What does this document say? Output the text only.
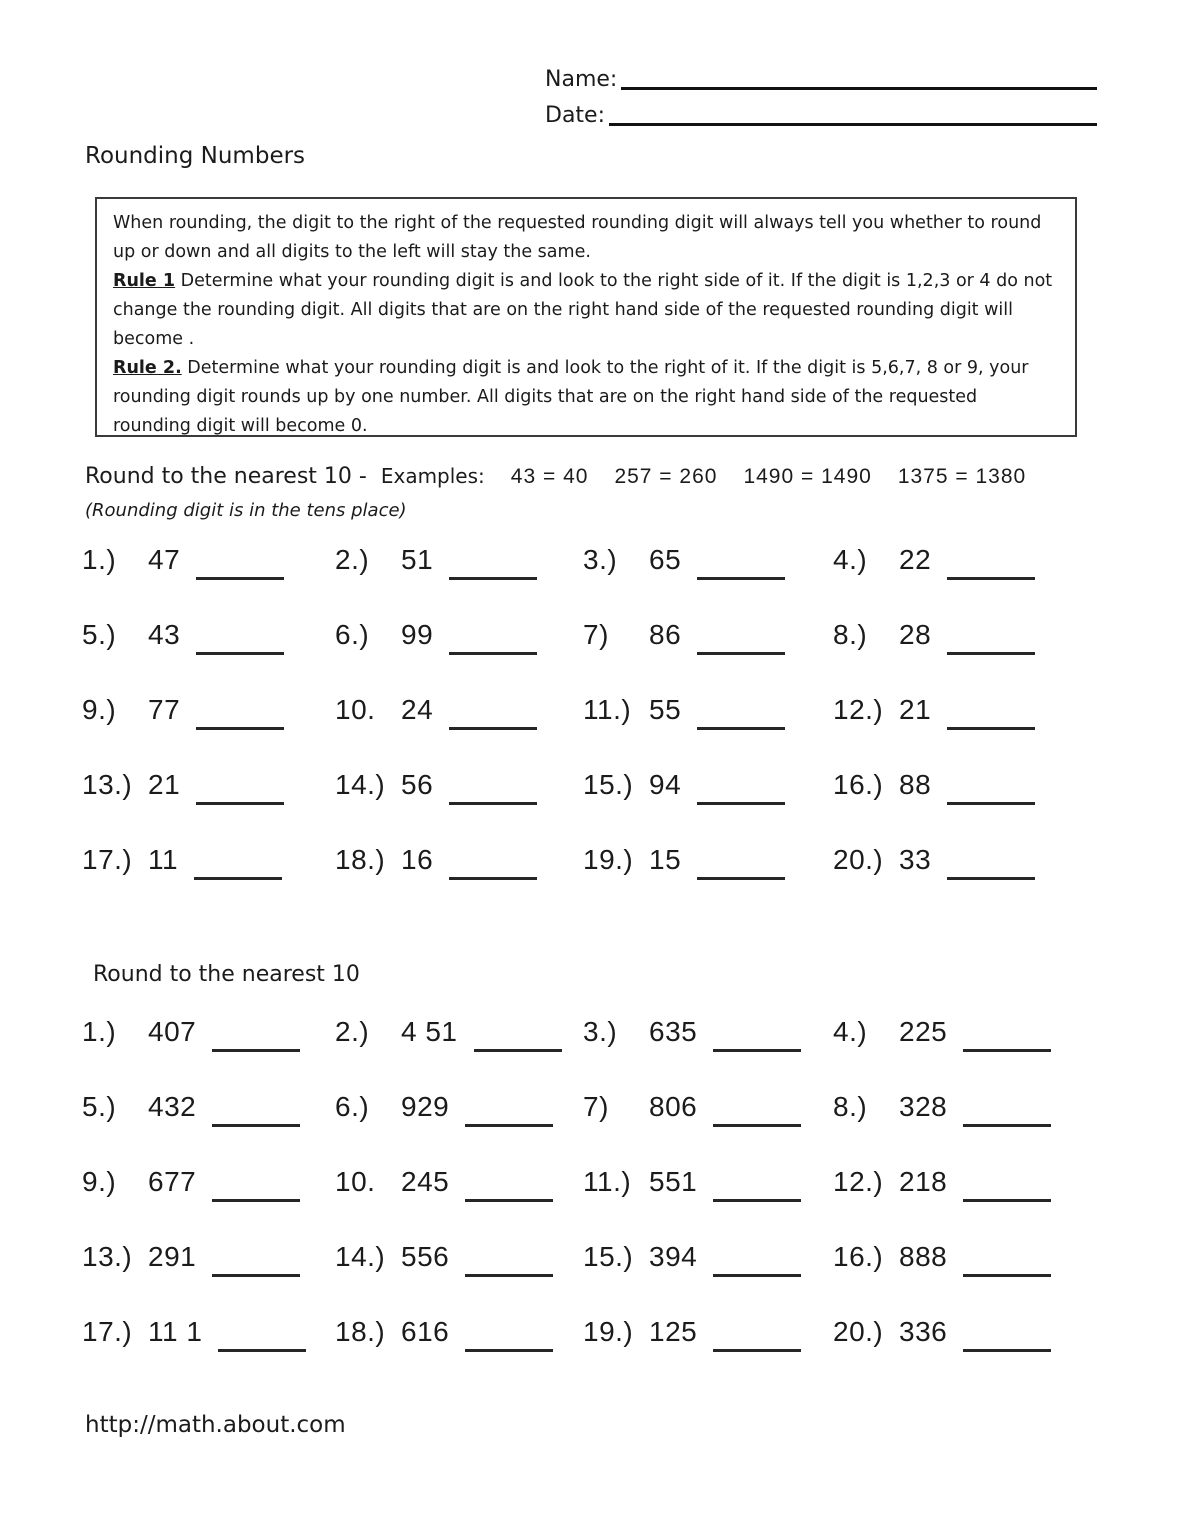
Name:
Date:
Rounding Numbers
When rounding, the digit to the right of the requested rounding digit will always tell you whether to round up or down and all digits to the left will stay the same.
Rule 1 Determine what your rounding digit is and look to the right side of it. If the digit is 1,2,3 or 4 do not change the rounding digit. All digits that are on the right hand side of the requested rounding digit will become .
Rule 2. Determine what your rounding digit is and look to the right of it. If the digit is 5,6,7, 8 or 9, your rounding digit rounds up by one number. All digits that are on the right hand side of the requested rounding digit will become 0.
Round to the nearest 10 - Examples: 43 = 40 257 = 260 1490 = 1490 1375 = 1380
(Rounding digit is in the tens place)
1.)	47	2.)	51	3.)	65	4.)	22
5.)	43	6.)	99	7)	86	8.)	28
9.)	77	10. 24	11.) 55	12.) 21
13.) 21	14.) 56	15.) 94	16.) 88
17.) 11	18.) 16	19.) 15	20.) 33
Round to the nearest 10
1.)	407	2.)	4 51	3.)	635	4.)	225
5.)	432	6.)	929	7)	806	8.)	328
9.)	677	10. 245	11.) 551	12.) 218
13.) 291	14.) 556	15.) 394	16.) 888
17.) 11 1	18.) 616	19.) 125	20.) 336
http://math.about.com
